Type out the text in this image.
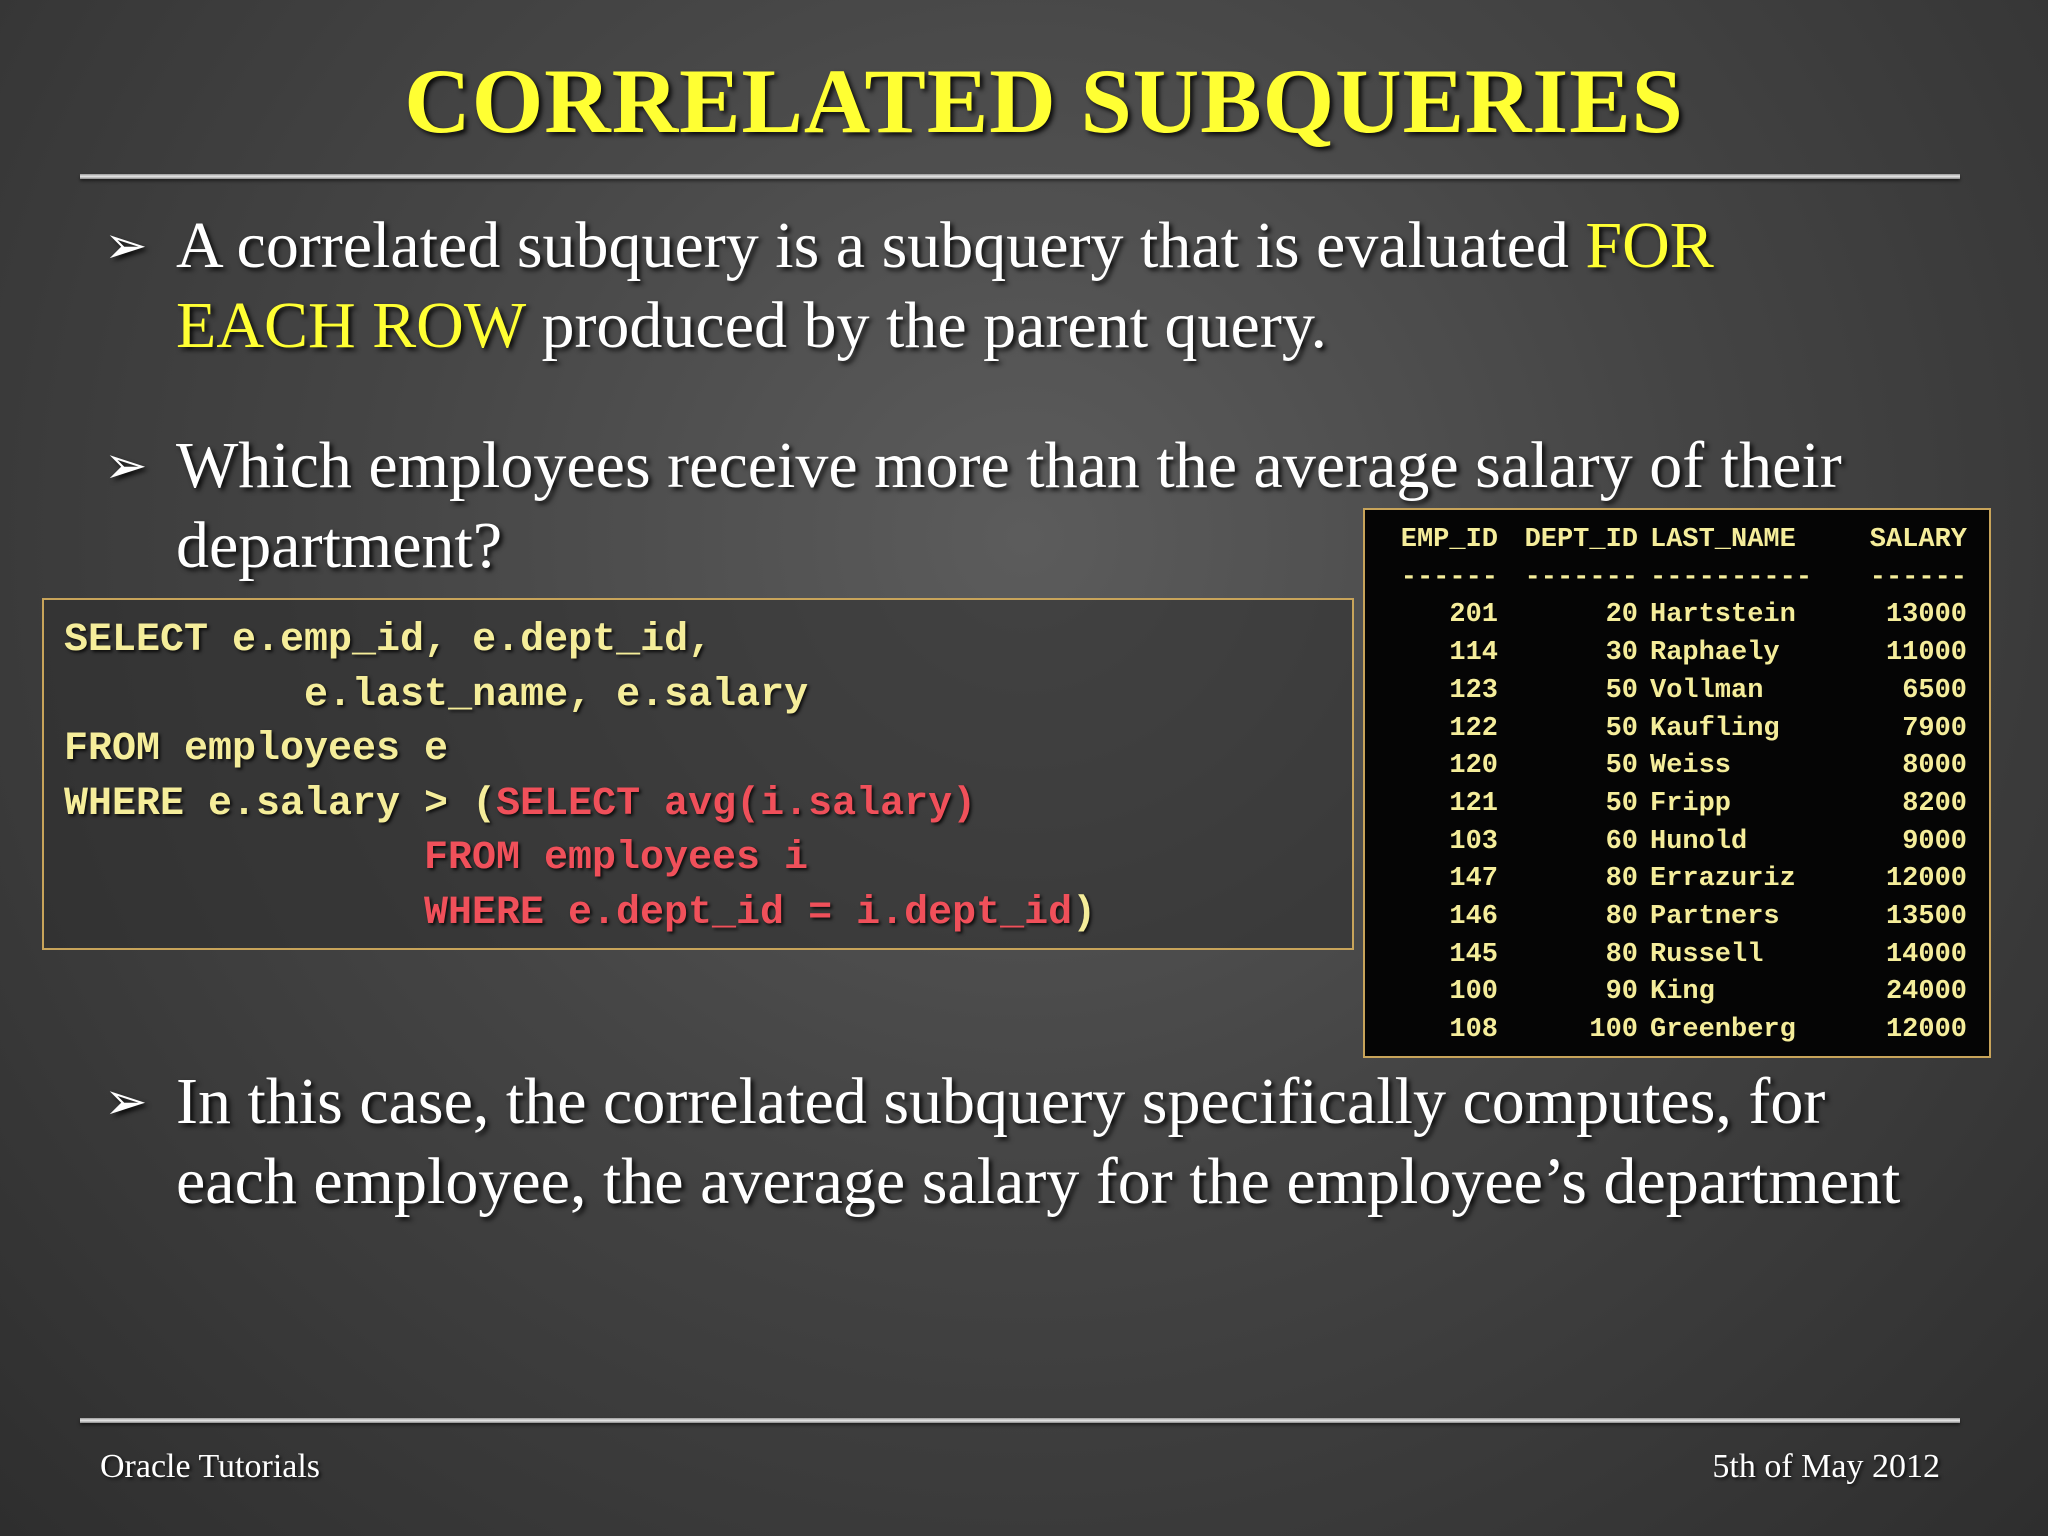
CORRELATED SUBQUERIES
➢ A correlated subquery is a subquery that is evaluated FOR EACH ROW produced by the parent query.
➢ Which employees receive more than the average salary of their department?
SELECT e.emp_id, e.dept_id,
e.last_name, e.salary
FROM employees e
WHERE e.salary > (SELECT avg(i.salary)
FROM employees i
WHERE e.dept_id = i.dept_id)
EMP_ID	DEPT_ID	LAST_NAME	SALARY
------	-------	----------	------
201	20	Hartstein	13000
114	30	Raphaely	11000
123	50	Vollman	6500
122	50	Kaufling	7900
120	50	Weiss	8000
121	50	Fripp	8200
103	60	Hunold	9000
147	80	Errazuriz	12000
146	80	Partners	13500
145	80	Russell	14000
100	90	King	24000
108	100	Greenberg	12000
➢ In this case, the correlated subquery specifically computes, for each employee, the average salary for the employee’s department
Oracle Tutorials	5th of May 2012
